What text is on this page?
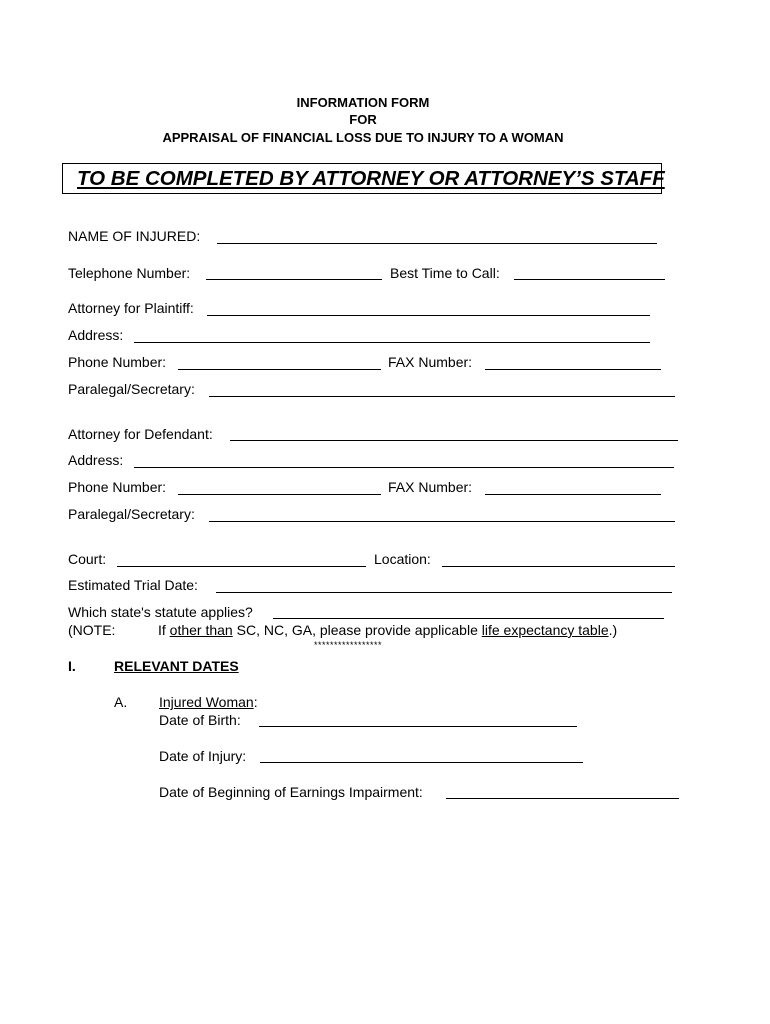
INFORMATION FORM
FOR
APPRAISAL OF FINANCIAL LOSS DUE TO INJURY TO A WOMAN
TO BE COMPLETED BY ATTORNEY OR ATTORNEY’S STAFF
NAME OF INJURED:
Telephone Number:	Best Time to Call:
Attorney for Plaintiff:
Address:
Phone Number:	FAX Number:
Paralegal/Secretary:
Attorney for Defendant:
Address:
Phone Number:	FAX Number:
Paralegal/Secretary:
Court:	Location:
Estimated Trial Date:
Which state's statute applies?
(NOTE:	If other than SC, NC, GA, please provide applicable life expectancy table.)
*****************
I.	RELEVANT DATES
A. Injured Woman:
Date of Birth:
Date of Injury:
Date of Beginning of Earnings Impairment:
